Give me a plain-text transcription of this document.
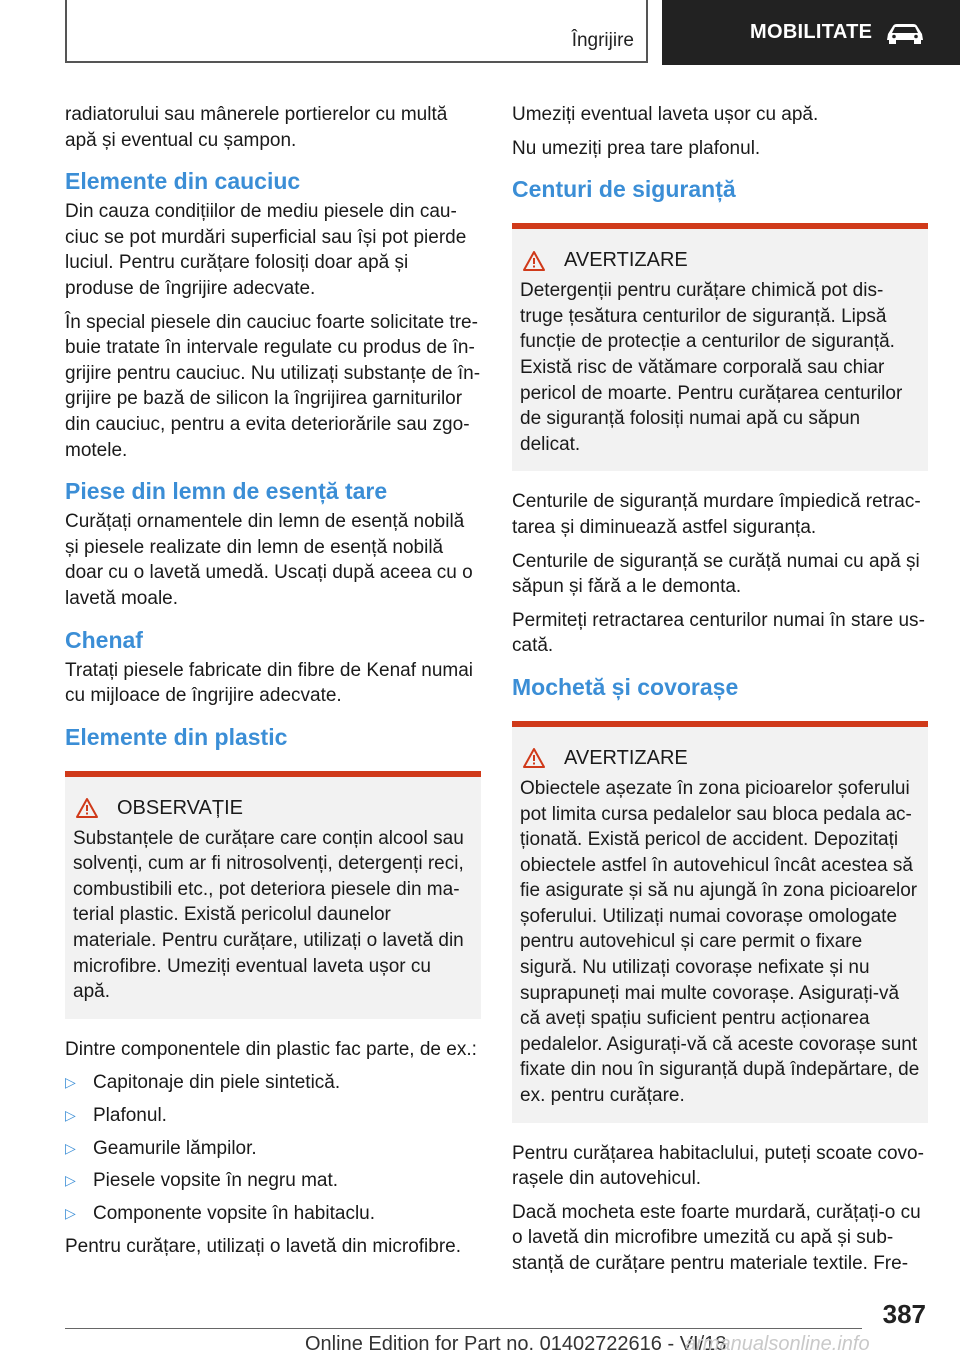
Îngrijire	MOBILITATE

radiatorului sau mânerele portierelor cu multă apă și eventual cu șampon.

Elemente din cauciuc

Din cauza condițiilor de mediu piesele din cauciuc se pot murdări superficial sau își pot pierde luciul. Pentru curățare folosiți doar apă și produse de îngrijire adecvate.

În special piesele din cauciuc foarte solicitate trebuie tratate în intervale regulate cu produs de îngrijire pentru cauciuc. Nu utilizați substanțe de îngrijire pe bază de silicon la îngrijirea garniturilor din cauciuc, pentru a evita deteriorările sau zgomotele.

Piese din lemn de esență tare

Curățați ornamentele din lemn de esență nobilă și piesele realizate din lemn de esență nobilă doar cu o lavetă umedă. Uscați după aceea cu o lavetă moale.

Chenaf

Tratați piesele fabricate din fibre de Kenaf numai cu mijloace de îngrijire adecvate.

Elemente din plastic
OBSERVAȚIE

Substanțele de curățare care conțin alcool sau solvenți, cum ar fi nitrosolvenți, detergenți reci, combustibili etc., pot deteriora piesele din material plastic. Există pericolul daunelor materiale. Pentru curățare, utilizați o lavetă din microfibre. Umeziți eventual laveta ușor cu apă.

Dintre componentele din plastic fac parte, de ex.:

▷ Capitonaje din piele sintetică.
▷ Plafonul.
▷ Geamurile lămpilor.
▷ Piesele vopsite în negru mat.
▷ Componente vopsite în habitaclu.

Pentru curățare, utilizați o lavetă din microfibre.

Umeziți eventual laveta ușor cu apă.

Nu umeziți prea tare plafonul.

Centuri de siguranță
AVERTIZARE

Detergenții pentru curățare chimică pot distruge țesătura centurilor de siguranță. Lipsă funcție de protecție a centurilor de siguranță. Există risc de vătămare corporală sau chiar pericol de moarte. Pentru curățarea centurilor de siguranță folosiți numai apă cu săpun delicat.

Centurile de siguranță murdare împiedică retractarea și diminuează astfel siguranța.

Centurile de siguranță se curăță numai cu apă și săpun și fără a le demonta.

Permiteți retractarea centurilor numai în stare uscată.

Mochetă și covorașe
AVERTIZARE

Obiectele așezate în zona picioarelor șoferului pot limita cursa pedalelor sau bloca pedala acționată. Există pericol de accident. Depozitați obiectele astfel în autovehicul încât acestea să fie asigurate și să nu ajungă în zona picioarelor șoferului. Utilizați numai covorașe omologate pentru autovehicul și care permit o fixare sigură. Nu utilizați covorașe nefixate și nu suprapuneți mai multe covorașe. Asigurați-vă că aveți spațiu suficient pentru acționarea pedalelor. Asigurați-vă că aceste covorașe sunt fixate din nou în siguranță după îndepărtare, de ex. pentru curățare.

Pentru curățarea habitaclului, puteți scoate covorașele din autovehicul.

Dacă mocheta este foarte murdară, curățați-o cu o lavetă din microfibre umezită cu apă și substanță de curățare pentru materiale textile. Fre-

387
Online Edition for Part no. 01402722616 - VI/18
armanualsonline.info
